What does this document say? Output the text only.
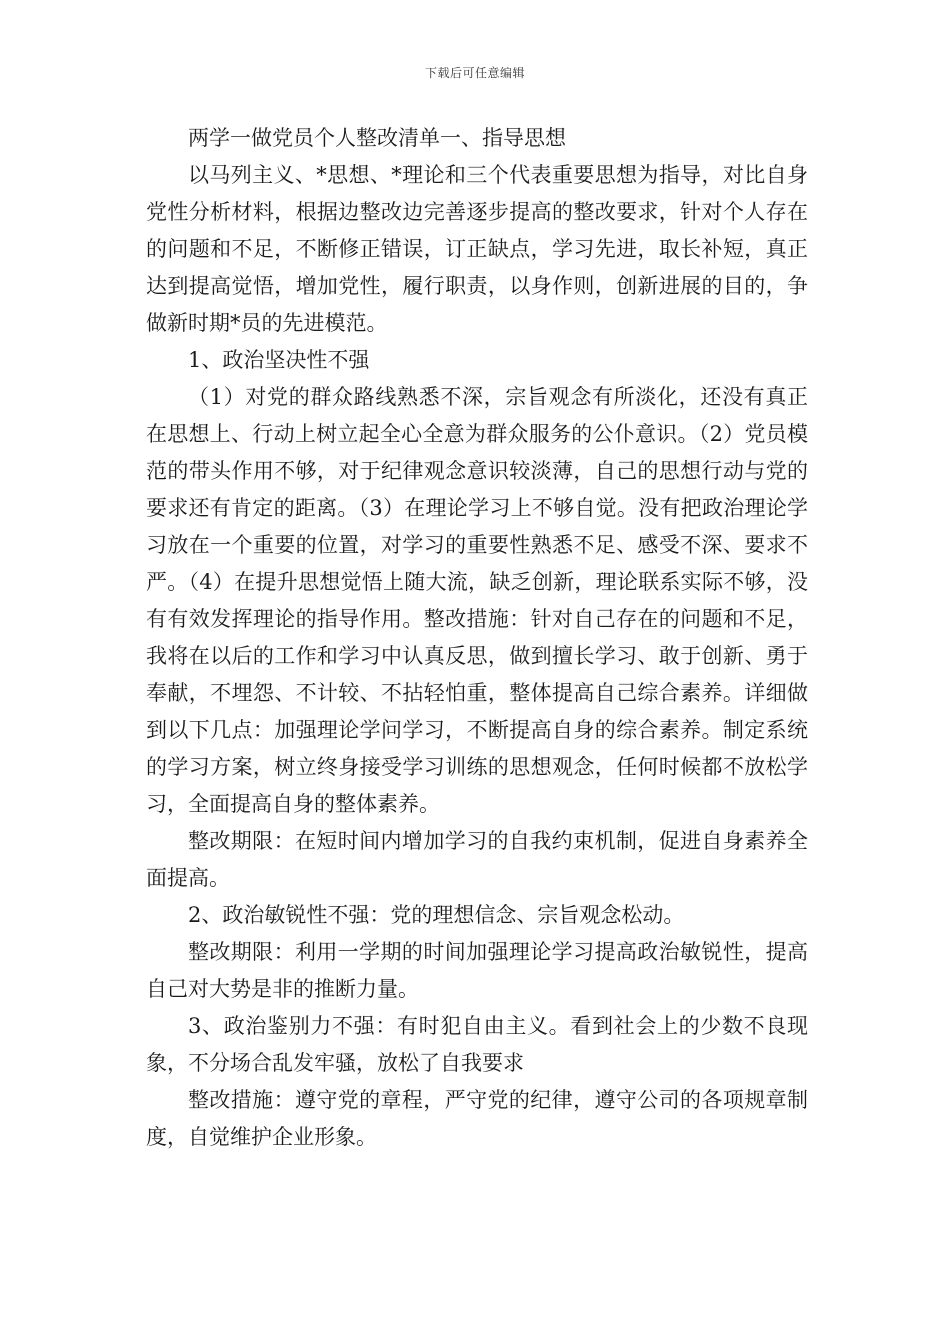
下载后可任意编辑

两学一做党员个人整改清单一、指导思想

以马列主义、*思想、*理论和三个代表重要思想为指导，对比自身党性分析材料，根据边整改边完善逐步提高的整改要求，针对个人存在的问题和不足，不断修正错误，订正缺点，学习先进，取长补短，真正达到提高觉悟，增加党性，履行职责，以身作则，创新进展的目的，争做新时期*员的先进模范。

1、政治坚决性不强

（1）对党的群众路线熟悉不深，宗旨观念有所淡化，还没有真正在思想上、行动上树立起全心全意为群众服务的公仆意识。（2）党员模范的带头作用不够，对于纪律观念意识较淡薄，自己的思想行动与党的要求还有肯定的距离。（3）在理论学习上不够自觉。没有把政治理论学习放在一个重要的位置，对学习的重要性熟悉不足、感受不深、要求不严。（4）在提升思想觉悟上随大流，缺乏创新，理论联系实际不够，没有有效发挥理论的指导作用。整改措施：针对自己存在的问题和不足，我将在以后的工作和学习中认真反思，做到擅长学习、敢于创新、勇于奉献，不埋怨、不计较、不拈轻怕重，整体提高自己综合素养。详细做到以下几点：加强理论学问学习，不断提高自身的综合素养。制定系统的学习方案，树立终身接受学习训练的思想观念，任何时候都不放松学习，全面提高自身的整体素养。

整改期限：在短时间内增加学习的自我约束机制，促进自身素养全面提高。

2、政治敏锐性不强：党的理想信念、宗旨观念松动。

整改期限：利用一学期的时间加强理论学习提高政治敏锐性，提高自己对大势是非的推断力量。

3、政治鉴别力不强：有时犯自由主义。看到社会上的少数不良现象，不分场合乱发牢骚，放松了自我要求

整改措施：遵守党的章程，严守党的纪律，遵守公司的各项规章制度，自觉维护企业形象。
